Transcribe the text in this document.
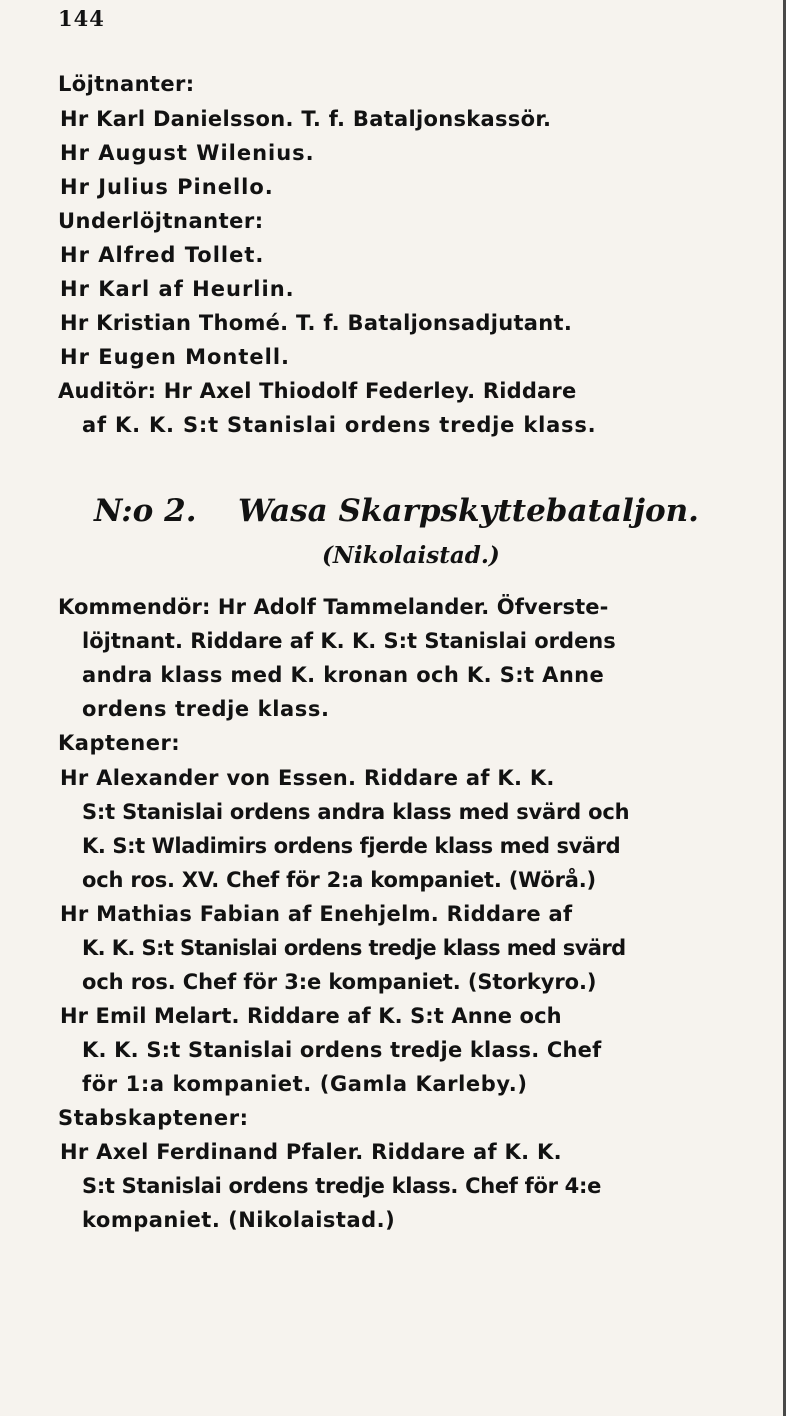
144
Löjtnanter:
Hr Karl Danielsson. T. f. Bataljonskassör.
Hr August Wilenius.
Hr Julius Pinello.
Underlöjtnanter:
Hr Alfred Tollet.
Hr Karl af Heurlin.
Hr Kristian Thomé. T. f. Bataljonsadjutant.
Hr Eugen Montell.
Auditör: Hr Axel Thiodolf Federley. Riddare
af K. K. S:t Stanislai ordens tredje klass.
N:o 2. Wasa Skarpskyttebataljon.
(Nikolaistad.)
Kommendör: Hr Adolf Tammelander. Öfverste-
löjtnant. Riddare af K. K. S:t Stanislai ordens
andra klass med K. kronan och K. S:t Anne
ordens tredje klass.
Kaptener:
Hr Alexander von Essen. Riddare af K. K.
S:t Stanislai ordens andra klass med svärd och
K. S:t Wladimirs ordens fjerde klass med svärd
och ros. XV. Chef för 2:a kompaniet. (Wörå.)
Hr Mathias Fabian af Enehjelm. Riddare af
K. K. S:t Stanislai ordens tredje klass med svärd
och ros. Chef för 3:e kompaniet. (Storkyro.)
Hr Emil Melart. Riddare af K. S:t Anne och
K. K. S:t Stanislai ordens tredje klass. Chef
för 1:a kompaniet. (Gamla Karleby.)
Stabskaptener:
Hr Axel Ferdinand Pfaler. Riddare af K. K.
S:t Stanislai ordens tredje klass. Chef för 4:e
kompaniet. (Nikolaistad.)
